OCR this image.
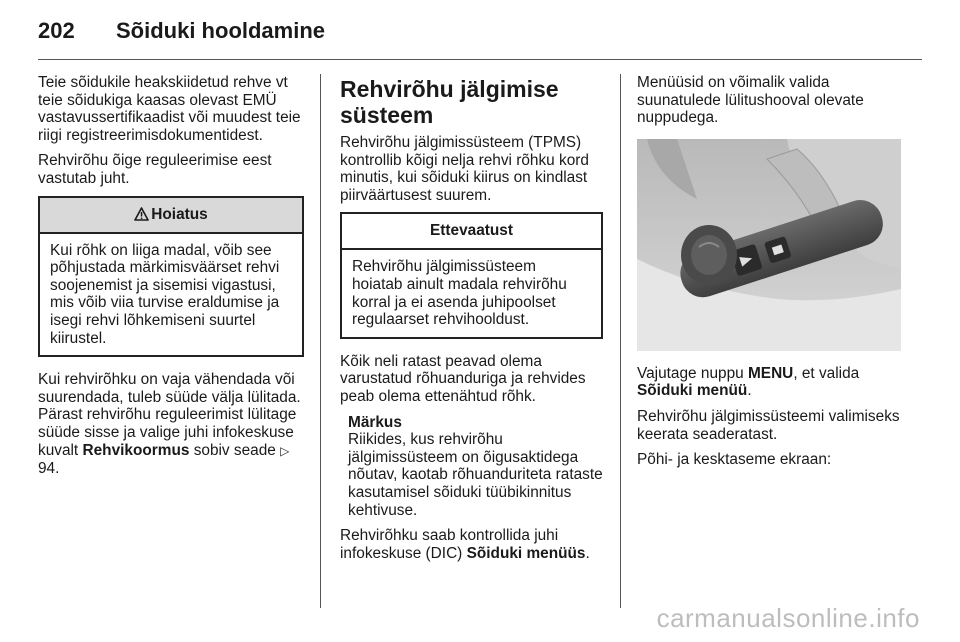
202	Sõiduki hooldamine

Teie sõidukile heakskiidetud rehve vt teie sõidukiga kaasas olevast EMÜ vastavussertifikaadist või muudest teie riigi registreerimisdokumentidest.

Rehvirõhu õige reguleerimise eest vastutab juht.

Hoiatus
Kui rõhk on liiga madal, võib see põhjustada märkimisväärset rehvi soojenemist ja sisemisi vigastusi, mis võib viia turvise eraldumise ja isegi rehvi lõhkemiseni suurtel kiirustel.

Kui rehvirõhku on vaja vähendada või suurendada, tuleb süüde välja lülitada. Pärast rehvirõhu reguleerimist lülitage süüde sisse ja valige juhi infokeskuse kuvalt Rehvikoormus sobiv seade ▷ 94.

Rehvirõhu jälgimise süsteem

Rehvirõhu jälgimissüsteem (TPMS) kontrollib kõigi nelja rehvi rõhku kord minutis, kui sõiduki kiirus on kindlast piirväärtusest suurem.

Ettevaatust
Rehvirõhu jälgimissüsteem hoiatab ainult madala rehvirõhu korral ja ei asenda juhipoolset regulaarset rehvihooldust.

Kõik neli ratast peavad olema varustatud rõhuanduriga ja rehvides peab olema ettenähtud rõhk.

Märkus
Riikides, kus rehvirõhu jälgimissüsteem on õigusaktidega nõutav, kaotab rõhuanduriteta rataste kasutamisel sõiduki tüübikinnitus kehtivuse.

Rehvirõhku saab kontrollida juhi infokeskuse (DIC) Sõiduki menüüs.

Menüüsid on võimalik valida suunatulede lülitushooval olevate nuppudega.

Vajutage nuppu MENU, et valida Sõiduki menüü.

Rehvirõhu jälgimissüsteemi valimiseks keerata seaderatast.

Põhi- ja kesktaseme ekraan:

carmanualsonline.info
